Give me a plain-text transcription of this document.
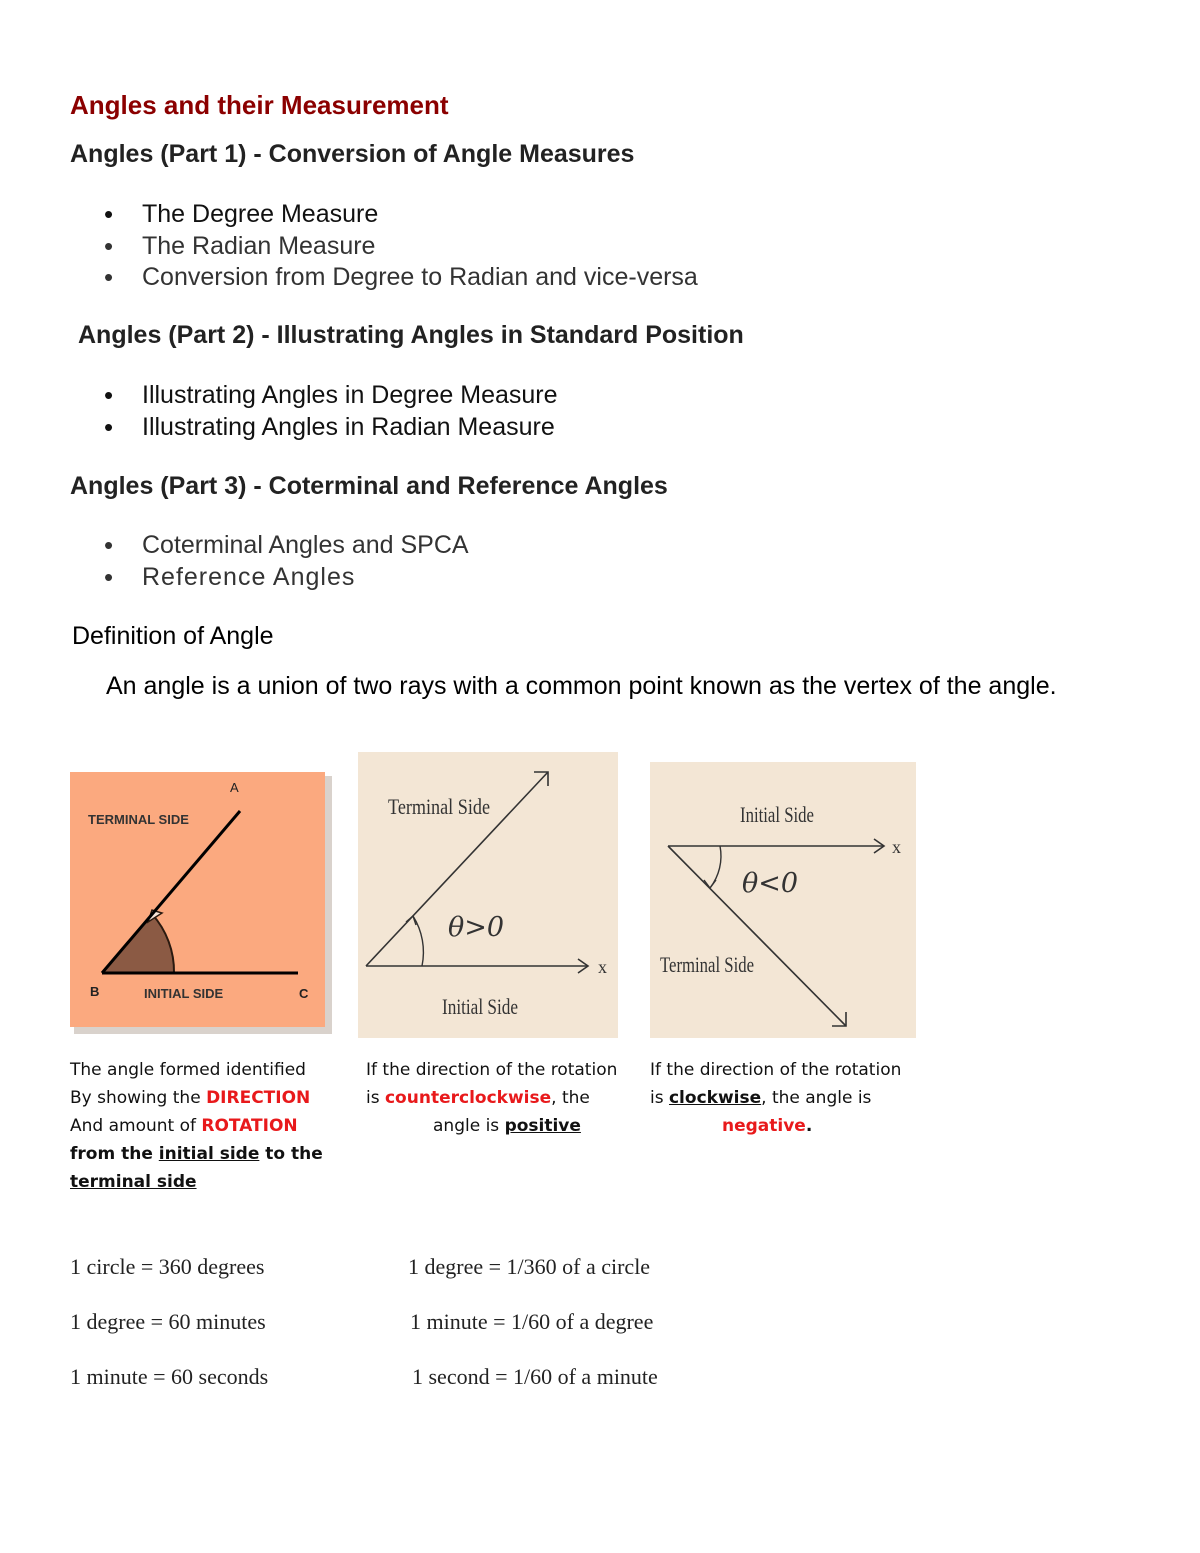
Angles and their Measurement
Angles (Part 1) - Conversion of Angle Measures
• The Degree Measure
• The Radian Measure
• Conversion from Degree to Radian and vice-versa
Angles (Part 2) - Illustrating Angles in Standard Position
• Illustrating Angles in Degree Measure
• Illustrating Angles in Radian Measure
Angles (Part 3) - Coterminal and Reference Angles
• Coterminal Angles and SPCA
• Reference Angles
Definition of Angle
An angle is a union of two rays with a common point known as the vertex of the angle.
A
TERMINAL SIDE
B	INITIAL SIDE	C
Terminal Side
θ>0
x
Initial Side
Initial Side
x
θ<0
Terminal Side
The angle formed identified
By showing the DIRECTION
And amount of ROTATION
from the initial side to the
terminal side
If the direction of the rotation
is counterclockwise, the
angle is positive
If the direction of the rotation
is clockwise, the angle is
negative.
1 circle = 360 degrees	1 degree = 1/360 of a circle
1 degree = 60 minutes	1 minute = 1/60 of a degree
1 minute = 60 seconds	1 second = 1/60 of a minute
